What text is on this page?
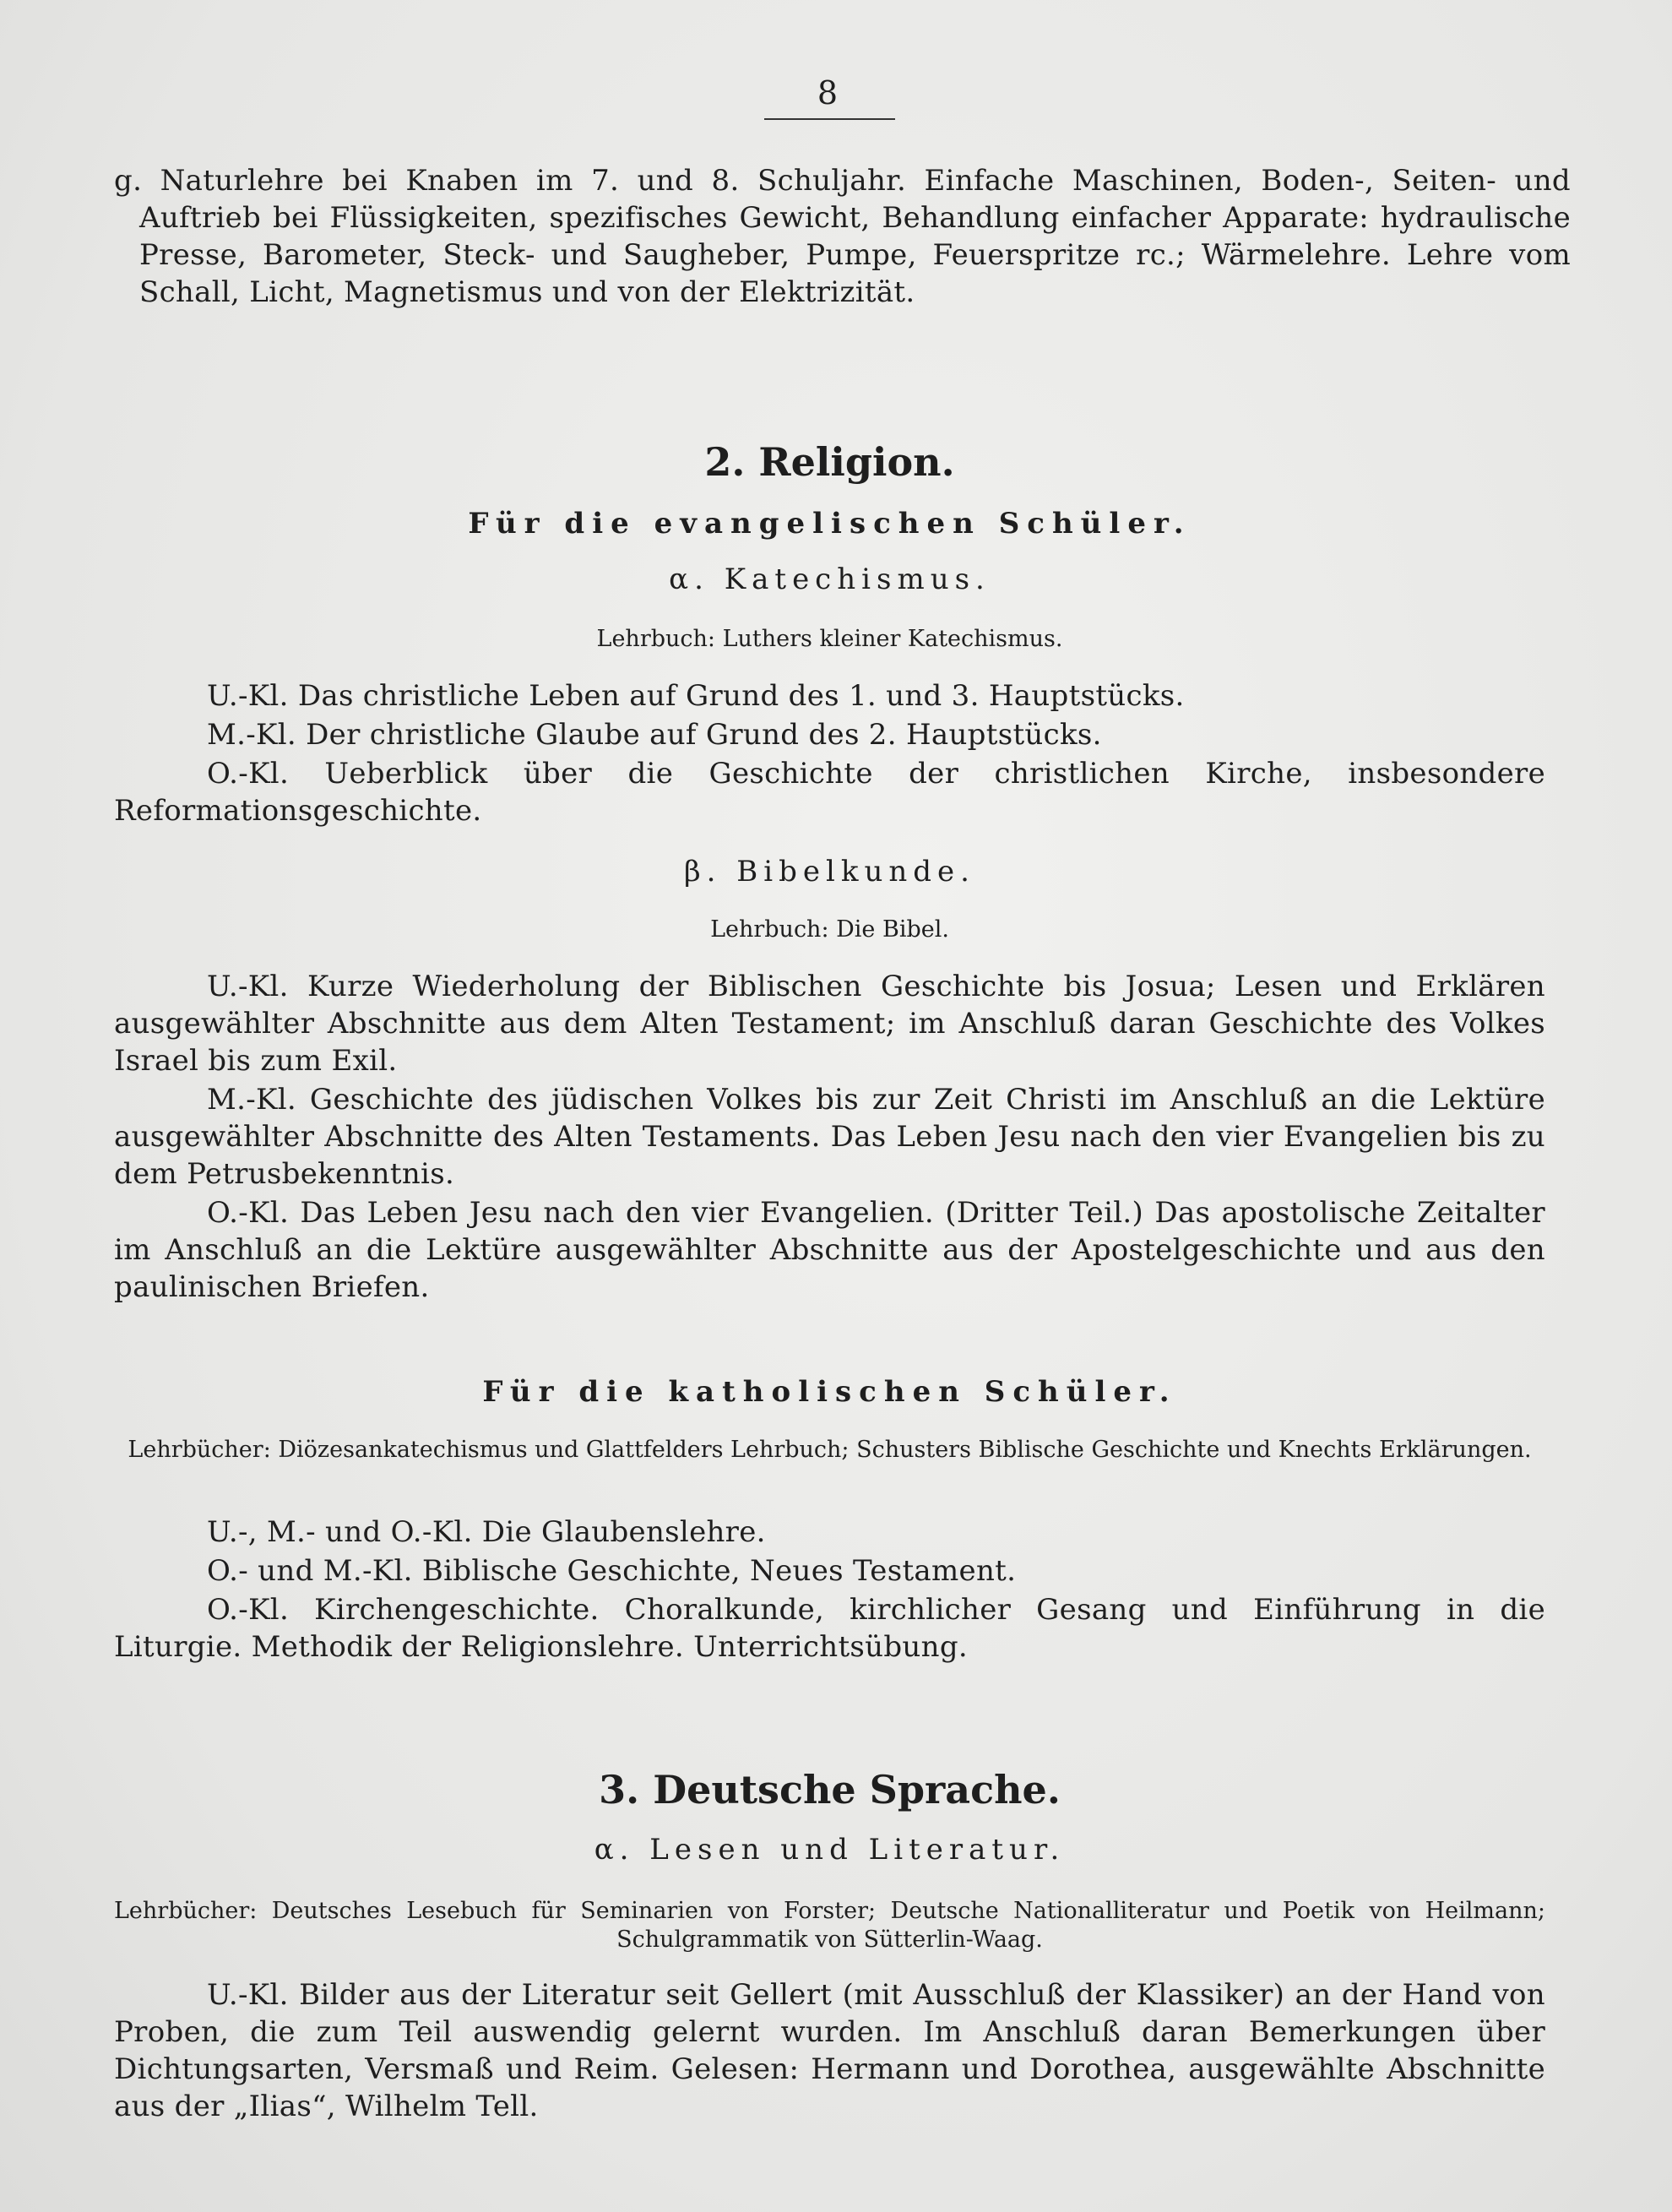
8

g. Naturlehre bei Knaben im 7. und 8. Schuljahr. Einfache Maschinen, Boden-, Seiten- und Auftrieb bei Flüssigkeiten, spezifisches Gewicht, Behandlung einfacher Apparate: hydraulische Presse, Barometer, Steck- und Saugheber, Pumpe, Feuerspritze rc.; Wärmelehre. Lehre vom Schall, Licht, Magnetismus und von der Elektrizität.

2. Religion.
Für die evangelischen Schüler.
α. Katechismus.
Lehrbuch: Luthers kleiner Katechismus.

U.-Kl. Das christliche Leben auf Grund des 1. und 3. Hauptstücks.

M.-Kl. Der christliche Glaube auf Grund des 2. Hauptstücks.

O.-Kl. Ueberblick über die Geschichte der christlichen Kirche, insbesondere Reformationsgeschichte.

β. Bibelkunde.
Lehrbuch: Die Bibel.

U.-Kl. Kurze Wiederholung der Biblischen Geschichte bis Josua; Lesen und Erklären ausgewählter Abschnitte aus dem Alten Testament; im Anschluß daran Geschichte des Volkes Israel bis zum Exil.

M.-Kl. Geschichte des jüdischen Volkes bis zur Zeit Christi im Anschluß an die Lektüre ausgewählter Abschnitte des Alten Testaments. Das Leben Jesu nach den vier Evangelien bis zu dem Petrusbekenntnis.

O.-Kl. Das Leben Jesu nach den vier Evangelien. (Dritter Teil.) Das apostolische Zeitalter im Anschluß an die Lektüre ausgewählter Abschnitte aus der Apostelgeschichte und aus den paulinischen Briefen.

Für die katholischen Schüler.
Lehrbücher: Diözesankatechismus und Glattfelders Lehrbuch; Schusters Biblische Geschichte und Knechts Erklärungen.

U.-, M.- und O.-Kl. Die Glaubenslehre.

O.- und M.-Kl. Biblische Geschichte, Neues Testament.

O.-Kl. Kirchengeschichte. Choralkunde, kirchlicher Gesang und Einführung in die Liturgie. Methodik der Religionslehre. Unterrichtsübung.

3. Deutsche Sprache.
α. Lesen und Literatur.
Lehrbücher: Deutsches Lesebuch für Seminarien von Forster; Deutsche Nationalliteratur und Poetik von Heilmann; Schulgrammatik von Sütterlin-Waag.

U.-Kl. Bilder aus der Literatur seit Gellert (mit Ausschluß der Klassiker) an der Hand von Proben, die zum Teil auswendig gelernt wurden. Im Anschluß daran Bemerkungen über Dichtungsarten, Versmaß und Reim. Gelesen: Hermann und Dorothea, ausgewählte Abschnitte aus der „Ilias“, Wilhelm Tell.
